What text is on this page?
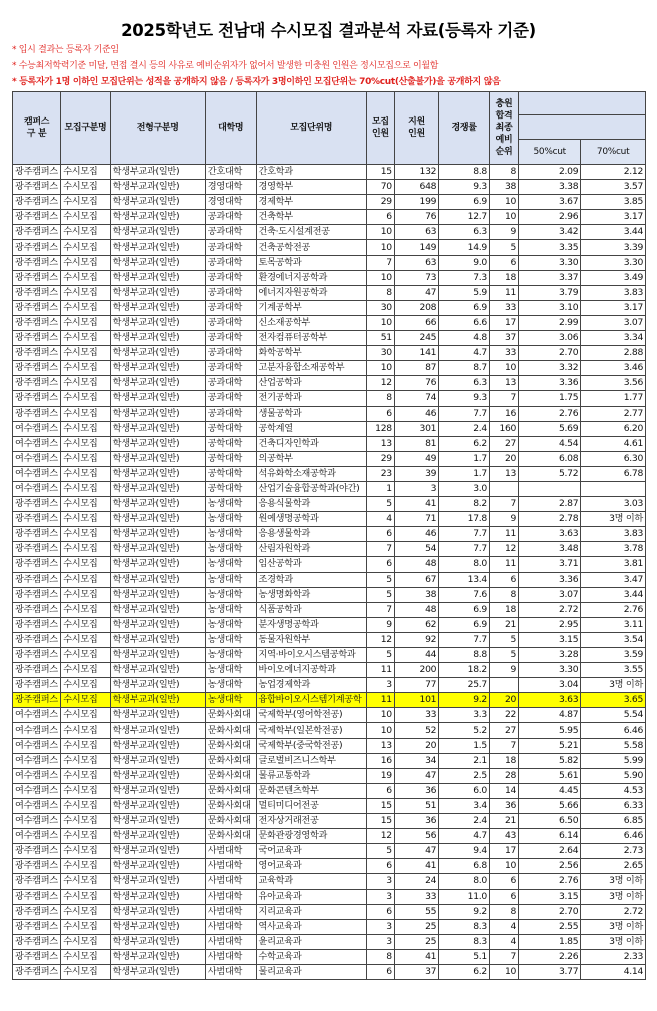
2025학년도 전남대 수시모집 결과분석 자료(등록자 기준)
* 입시 결과는 등록자 기준임
* 수능최저학력기준 미달, 면접 결시 등의 사유로 예비순위자가 없어서 발생한 미충원 인원은 정시모집으로 이월함
* 등록자가 1명 이하인 모집단위는 성적을 공개하지 않음 / 등록자가 3명이하인 모집단위는 70%cut(산출불가)을 공개하지 않음
캠퍼스
구 분	모집구분명	전형구분명	대학명	모집단위명	모집
인원	지원
인원	경쟁률	충원
합격
최종
예비
순위		

									50%cut	70%cut
광주캠퍼스	수시모집	학생부교과(일반)	간호대학	간호학과	15	132	8.8	8	2.09	2.12
광주캠퍼스	수시모집	학생부교과(일반)	경영대학	경영학부	70	648	9.3	38	3.38	3.57
광주캠퍼스	수시모집	학생부교과(일반)	경영대학	경제학부	29	199	6.9	10	3.67	3.85
광주캠퍼스	수시모집	학생부교과(일반)	공과대학	건축학부	6	76	12.7	10	2.96	3.17
광주캠퍼스	수시모집	학생부교과(일반)	공과대학	건축·도시설계전공	10	63	6.3	9	3.42	3.44
광주캠퍼스	수시모집	학생부교과(일반)	공과대학	건축공학전공	10	149	14.9	5	3.35	3.39
광주캠퍼스	수시모집	학생부교과(일반)	공과대학	토목공학과	7	63	9.0	6	3.30	3.30
광주캠퍼스	수시모집	학생부교과(일반)	공과대학	환경에너지공학과	10	73	7.3	18	3.37	3.49
광주캠퍼스	수시모집	학생부교과(일반)	공과대학	에너지자원공학과	8	47	5.9	11	3.79	3.83
광주캠퍼스	수시모집	학생부교과(일반)	공과대학	기계공학부	30	208	6.9	33	3.10	3.17
광주캠퍼스	수시모집	학생부교과(일반)	공과대학	신소재공학부	10	66	6.6	17	2.99	3.07
광주캠퍼스	수시모집	학생부교과(일반)	공과대학	전자컴퓨터공학부	51	245	4.8	37	3.06	3.34
광주캠퍼스	수시모집	학생부교과(일반)	공과대학	화학공학부	30	141	4.7	33	2.70	2.88
광주캠퍼스	수시모집	학생부교과(일반)	공과대학	고분자융합소재공학부	10	87	8.7	10	3.32	3.46
광주캠퍼스	수시모집	학생부교과(일반)	공과대학	산업공학과	12	76	6.3	13	3.36	3.56
광주캠퍼스	수시모집	학생부교과(일반)	공과대학	전기공학과	8	74	9.3	7	1.75	1.77
광주캠퍼스	수시모집	학생부교과(일반)	공과대학	생물공학과	6	46	7.7	16	2.76	2.77
여수캠퍼스	수시모집	학생부교과(일반)	공학대학	공학계열	128	301	2.4	160	5.69	6.20
여수캠퍼스	수시모집	학생부교과(일반)	공학대학	건축디자인학과	13	81	6.2	27	4.54	4.61
여수캠퍼스	수시모집	학생부교과(일반)	공학대학	의공학부	29	49	1.7	20	6.08	6.30
여수캠퍼스	수시모집	학생부교과(일반)	공학대학	석유화학소재공학과	23	39	1.7	13	5.72	6.78
여수캠퍼스	수시모집	학생부교과(일반)	공학대학	산업기술융합공학과(야간)	1	3	3.0			
광주캠퍼스	수시모집	학생부교과(일반)	농생대학	응용식물학과	5	41	8.2	7	2.87	3.03
광주캠퍼스	수시모집	학생부교과(일반)	농생대학	원예생명공학과	4	71	17.8	9	2.78	3명 이하
광주캠퍼스	수시모집	학생부교과(일반)	농생대학	응용생물학과	6	46	7.7	11	3.63	3.83
광주캠퍼스	수시모집	학생부교과(일반)	농생대학	산림자원학과	7	54	7.7	12	3.48	3.78
광주캠퍼스	수시모집	학생부교과(일반)	농생대학	임산공학과	6	48	8.0	11	3.71	3.81
광주캠퍼스	수시모집	학생부교과(일반)	농생대학	조경학과	5	67	13.4	6	3.36	3.47
광주캠퍼스	수시모집	학생부교과(일반)	농생대학	농생명화학과	5	38	7.6	8	3.07	3.44
광주캠퍼스	수시모집	학생부교과(일반)	농생대학	식품공학과	7	48	6.9	18	2.72	2.76
광주캠퍼스	수시모집	학생부교과(일반)	농생대학	분자생명공학과	9	62	6.9	21	2.95	3.11
광주캠퍼스	수시모집	학생부교과(일반)	농생대학	동물자원학부	12	92	7.7	5	3.15	3.54
광주캠퍼스	수시모집	학생부교과(일반)	농생대학	지역·바이오시스템공학과	5	44	8.8	5	3.28	3.59
광주캠퍼스	수시모집	학생부교과(일반)	농생대학	바이오에너지공학과	11	200	18.2	9	3.30	3.55
광주캠퍼스	수시모집	학생부교과(일반)	농생대학	농업경제학과	3	77	25.7		3.04	3명 이하
광주캠퍼스	수시모집	학생부교과(일반)	농생대학	융합바이오시스템기계공학	11	101	9.2	20	3.63	3.65
여수캠퍼스	수시모집	학생부교과(일반)	문화사회대	국제학부(영어학전공)	10	33	3.3	22	4.87	5.54
여수캠퍼스	수시모집	학생부교과(일반)	문화사회대	국제학부(일본학전공)	10	52	5.2	27	5.95	6.46
여수캠퍼스	수시모집	학생부교과(일반)	문화사회대	국제학부(중국학전공)	13	20	1.5	7	5.21	5.58
여수캠퍼스	수시모집	학생부교과(일반)	문화사회대	글로벌비즈니스학부	16	34	2.1	18	5.82	5.99
여수캠퍼스	수시모집	학생부교과(일반)	문화사회대	물류교통학과	19	47	2.5	28	5.61	5.90
여수캠퍼스	수시모집	학생부교과(일반)	문화사회대	문화콘텐츠학부	6	36	6.0	14	4.45	4.53
여수캠퍼스	수시모집	학생부교과(일반)	문화사회대	멀티미디어전공	15	51	3.4	36	5.66	6.33
여수캠퍼스	수시모집	학생부교과(일반)	문화사회대	전자상거래전공	15	36	2.4	21	6.50	6.85
여수캠퍼스	수시모집	학생부교과(일반)	문화사회대	문화관광경영학과	12	56	4.7	43	6.14	6.46
광주캠퍼스	수시모집	학생부교과(일반)	사범대학	국어교육과	5	47	9.4	17	2.64	2.73
광주캠퍼스	수시모집	학생부교과(일반)	사범대학	영어교육과	6	41	6.8	10	2.56	2.65
광주캠퍼스	수시모집	학생부교과(일반)	사범대학	교육학과	3	24	8.0	6	2.76	3명 이하
광주캠퍼스	수시모집	학생부교과(일반)	사범대학	유아교육과	3	33	11.0	6	3.15	3명 이하
광주캠퍼스	수시모집	학생부교과(일반)	사범대학	지리교육과	6	55	9.2	8	2.70	2.72
광주캠퍼스	수시모집	학생부교과(일반)	사범대학	역사교육과	3	25	8.3	4	2.55	3명 이하
광주캠퍼스	수시모집	학생부교과(일반)	사범대학	윤리교육과	3	25	8.3	4	1.85	3명 이하
광주캠퍼스	수시모집	학생부교과(일반)	사범대학	수학교육과	8	41	5.1	7	2.26	2.33
광주캠퍼스	수시모집	학생부교과(일반)	사범대학	물리교육과	6	37	6.2	10	3.77	4.14
